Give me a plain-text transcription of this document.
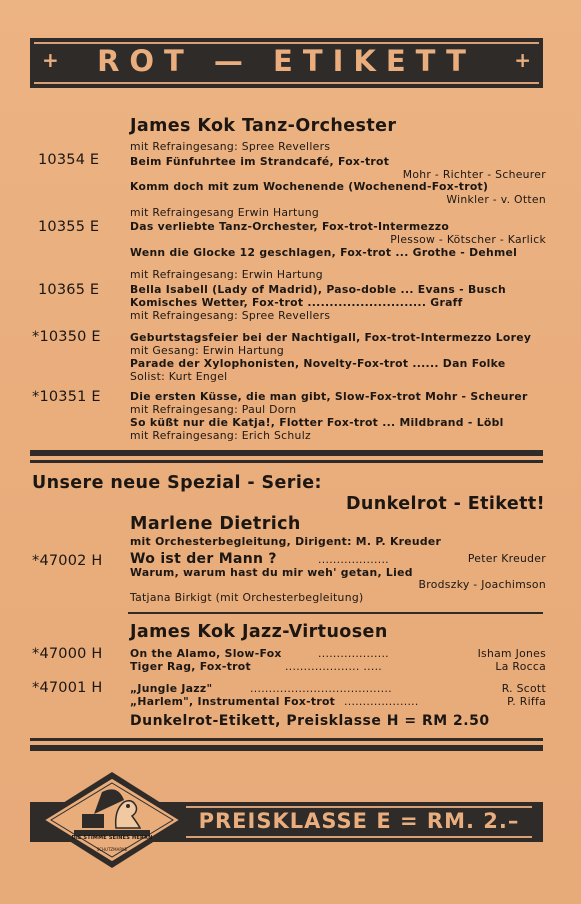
+	ROT — ETIKETT	+
James Kok Tanz-Orchester
10354 E
mit Refraingesang: Spree Revellers
Beim Fünfuhrtee im Strandcafé, Fox-trot
Mohr - Richter - Scheurer
Komm doch mit zum Wochenende (Wochenend-Fox-trot)
Winkler - v. Otten
mit Refraingesang Erwin Hartung
10355 E	Das verliebte Tanz-Orchester, Fox-trot-Intermezzo
Plessow - Kötscher - Karlick
Wenn die Glocke 12 geschlagen, Fox-trot ... Grothe - Dehmel
mit Refraingesang: Erwin Hartung
10365 E	Bella Isabell (Lady of Madrid), Paso-doble ... Evans - Busch
Komisches Wetter, Fox-trot ........................... Graff
mit Refraingesang: Spree Revellers
*10350 E	Geburtstagsfeier bei der Nachtigall, Fox-trot-Intermezzo Lorey
mit Gesang: Erwin Hartung
Parade der Xylophonisten, Novelty-Fox-trot ...... Dan Folke
Solist: Kurt Engel
*10351 E	Die ersten Küsse, die man gibt, Slow-Fox-trot Mohr - Scheurer
mit Refraingesang: Paul Dorn
So küßt nur die Katja!, Flotter Fox-trot ... Mildbrand - Löbl
mit Refraingesang: Erich Schulz
Unsere neue Spezial - Serie:
Dunkelrot - Etikett!
Marlene Dietrich
mit Orchesterbegleitung, Dirigent: M. P. Kreuder
*47002 H Wo ist der Mann ?	...................	Peter Kreuder
Warum, warum hast du mir weh' getan, Lied
Brodszky - Joachimson
Tatjana Birkigt (mit Orchesterbegleitung)
James Kok Jazz-Virtuosen
*47000 H	On the Alamo, Slow-Fox	...................	Isham Jones
Tiger Rag, Fox-trot	.................... .....	La Rocca
*47001 H	„Jungle Jazz"	......................................	R. Scott
„Harlem", Instrumental Fox-trot ....................	P. Riffa
Dunkelrot-Etikett, Preisklasse H = RM 2.50
PREISKLASSE E = RM. 2.–
DIE STIMME SEINES HERRN
SCHUTZMARKE
